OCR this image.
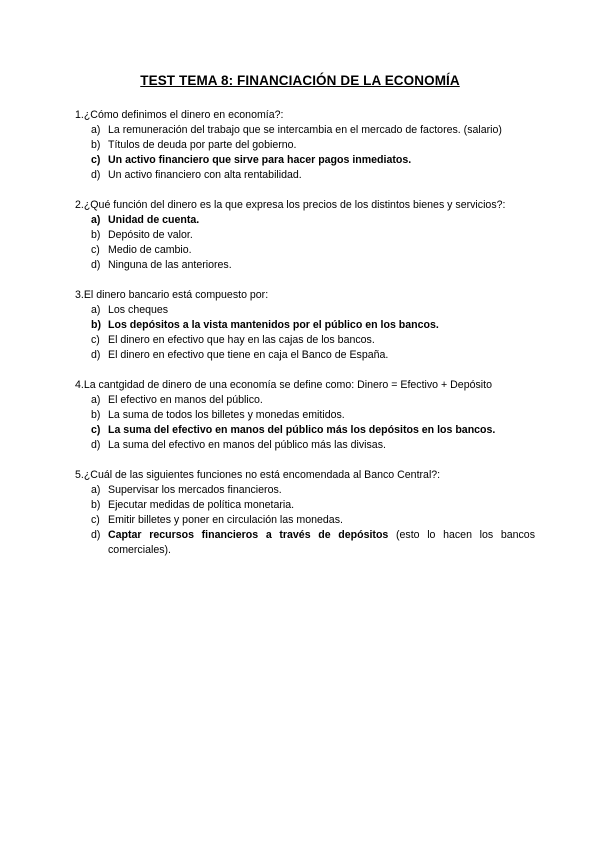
TEST TEMA 8: FINANCIACIÓN DE LA ECONOMÍA
1.¿Cómo definimos el dinero en economía?:
a) La remuneración del trabajo que se intercambia en el mercado de factores. (salario)
b) Títulos de deuda por parte del gobierno.
c) Un activo financiero que sirve para hacer pagos inmediatos.
d) Un activo financiero con alta rentabilidad.
2.¿Qué función del dinero es la que expresa los precios de los distintos bienes y servicios?:
a) Unidad de cuenta.
b) Depósito de valor.
c) Medio de cambio.
d) Ninguna de las anteriores.
3.El dinero bancario está compuesto por:
a) Los cheques
b) Los depósitos a la vista mantenidos por el público en los bancos.
c) El dinero en efectivo que hay en las cajas de los bancos.
d) El dinero en efectivo que tiene en caja el Banco de España.
4.La cantgidad de dinero de una economía se define como: Dinero = Efectivo + Depósito
a) El efectivo en manos del público.
b) La suma de todos los billetes y monedas emitidos.
c) La suma del efectivo en manos del público más los depósitos en los bancos.
d) La suma del efectivo en manos del público más las divisas.
5.¿Cuál de las siguientes funciones no está encomendada al Banco Central?:
a) Supervisar los mercados financieros.
b) Ejecutar medidas de política monetaria.
c) Emitir billetes y poner en circulación las monedas.
d) Captar recursos financieros a través de depósitos (esto lo hacen los bancos comerciales).
